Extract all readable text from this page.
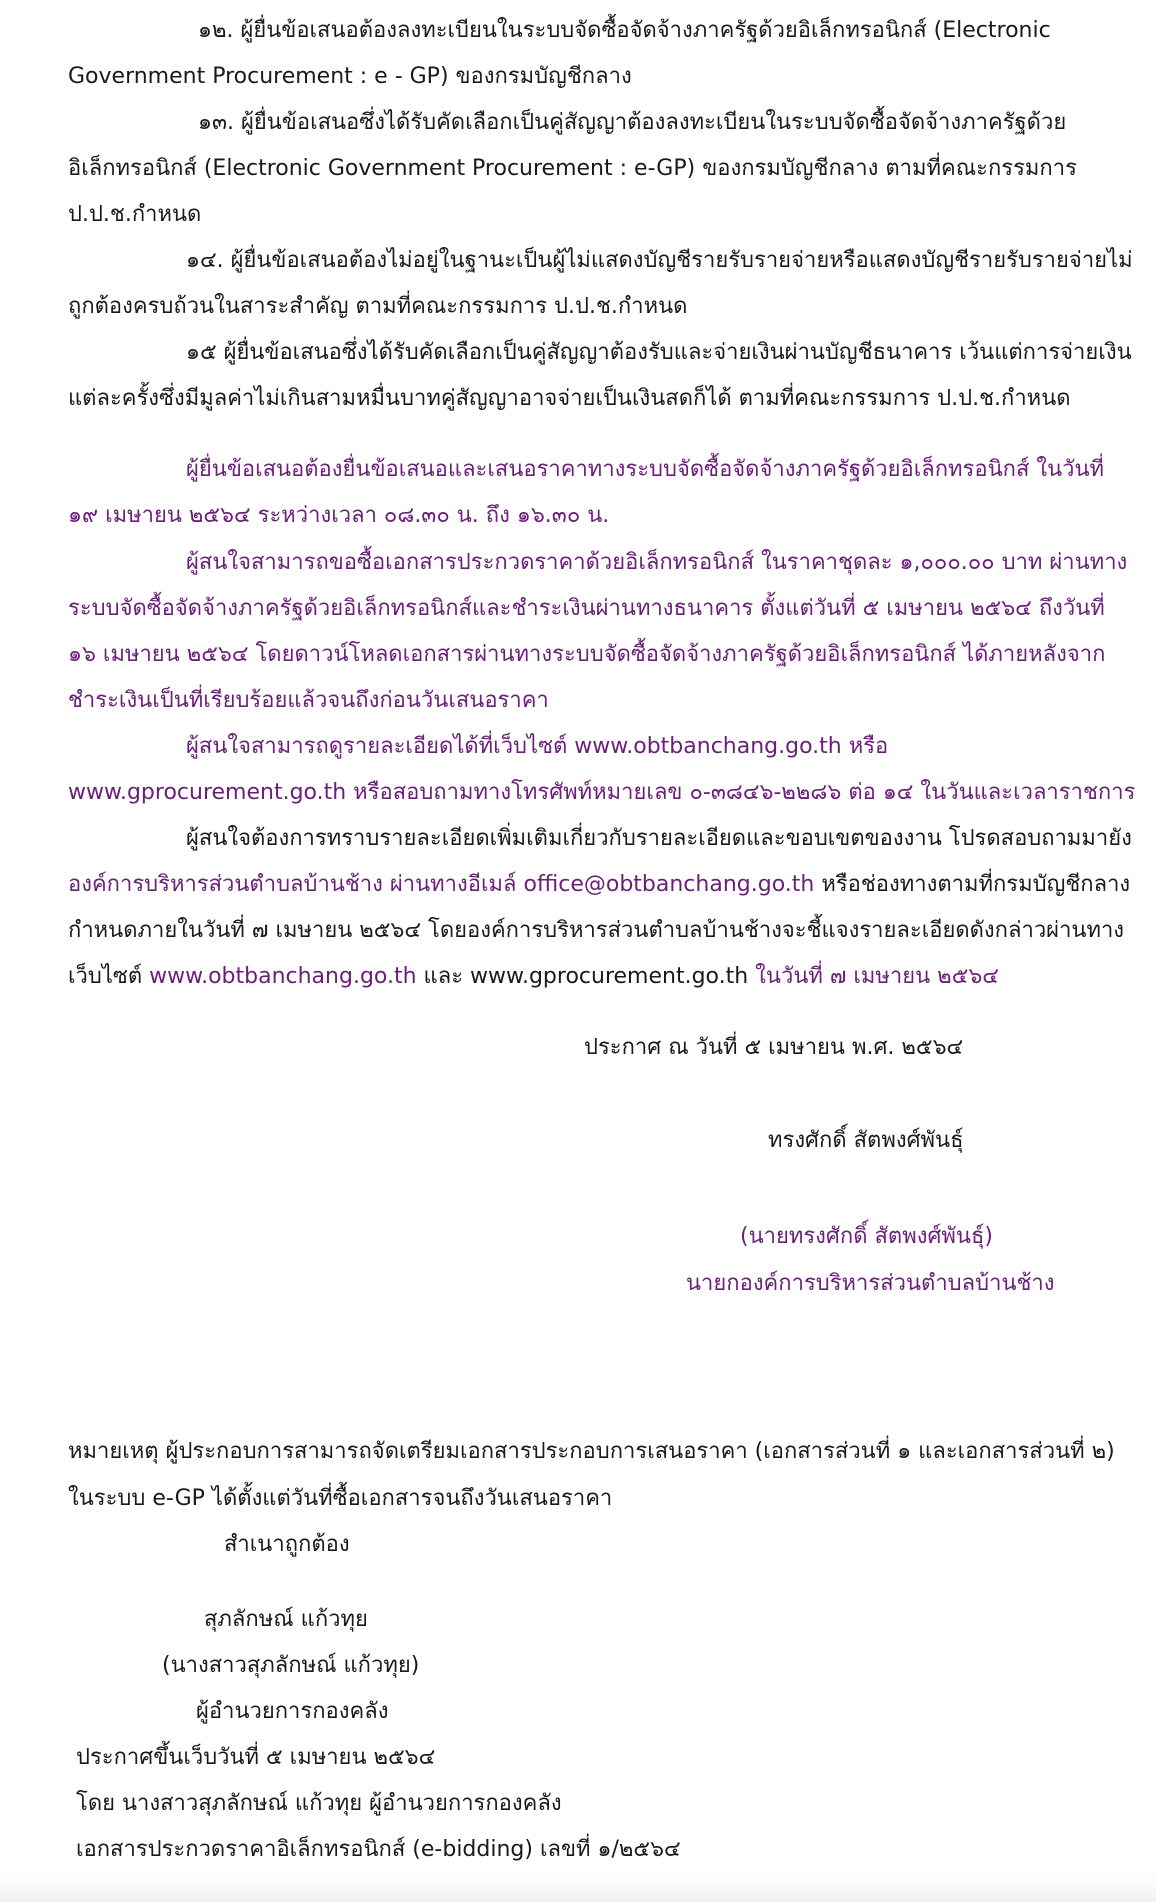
๑๒. ผู้ยื่นข้อเสนอต้องลงทะเบียนในระบบจัดซื้อจัดจ้างภาครัฐด้วยอิเล็กทรอนิกส์ (Electronic
Government Procurement : e - GP) ของกรมบัญชีกลาง
๑๓. ผู้ยื่นข้อเสนอซึ่งได้รับคัดเลือกเป็นคู่สัญญาต้องลงทะเบียนในระบบจัดซื้อจัดจ้างภาครัฐด้วย
อิเล็กทรอนิกส์ (Electronic Government Procurement : e-GP) ของกรมบัญชีกลาง ตามที่คณะกรรมการ
ป.ป.ช.กำหนด
๑๔. ผู้ยื่นข้อเสนอต้องไม่อยู่ในฐานะเป็นผู้ไม่แสดงบัญชีรายรับรายจ่ายหรือแสดงบัญชีรายรับรายจ่ายไม่
ถูกต้องครบถ้วนในสาระสำคัญ ตามที่คณะกรรมการ ป.ป.ช.กำหนด
๑๕ ผู้ยื่นข้อเสนอซึ่งได้รับคัดเลือกเป็นคู่สัญญาต้องรับและจ่ายเงินผ่านบัญชีธนาคาร เว้นแต่การจ่ายเงิน
แต่ละครั้งซึ่งมีมูลค่าไม่เกินสามหมื่นบาทคู่สัญญาอาจจ่ายเป็นเงินสดก็ได้ ตามที่คณะกรรมการ ป.ป.ช.กำหนด
ผู้ยื่นข้อเสนอต้องยื่นข้อเสนอและเสนอราคาทางระบบจัดซื้อจัดจ้างภาครัฐด้วยอิเล็กทรอนิกส์ ในวันที่
๑๙ เมษายน ๒๕๖๔ ระหว่างเวลา ๐๘.๓๐ น. ถึง ๑๖.๓๐ น.
ผู้สนใจสามารถขอซื้อเอกสารประกวดราคาด้วยอิเล็กทรอนิกส์ ในราคาชุดละ ๑,๐๐๐.๐๐ บาท ผ่านทาง
ระบบจัดซื้อจัดจ้างภาครัฐด้วยอิเล็กทรอนิกส์และชำระเงินผ่านทางธนาคาร ตั้งแต่วันที่ ๕ เมษายน ๒๕๖๔ ถึงวันที่
๑๖ เมษายน ๒๕๖๔ โดยดาวน์โหลดเอกสารผ่านทางระบบจัดซื้อจัดจ้างภาครัฐด้วยอิเล็กทรอนิกส์ ได้ภายหลังจาก
ชำระเงินเป็นที่เรียบร้อยแล้วจนถึงก่อนวันเสนอราคา
ผู้สนใจสามารถดูรายละเอียดได้ที่เว็บไซต์ www.obtbanchang.go.th หรือ
www.gprocurement.go.th หรือสอบถามทางโทรศัพท์หมายเลข ๐-๓๘๔๖-๒๒๘๖ ต่อ ๑๔ ในวันและเวลาราชการ
ผู้สนใจต้องการทราบรายละเอียดเพิ่มเติมเกี่ยวกับรายละเอียดและขอบเขตของงาน โปรดสอบถามมายัง
องค์การบริหารส่วนตำบลบ้านช้าง ผ่านทางอีเมล์ office@obtbanchang.go.th หรือช่องทางตามที่กรมบัญชีกลาง
กำหนดภายในวันที่ ๗ เมษายน ๒๕๖๔ โดยองค์การบริหารส่วนตำบลบ้านช้างจะชี้แจงรายละเอียดดังกล่าวผ่านทาง
เว็บไซต์ www.obtbanchang.go.th และ www.gprocurement.go.th ในวันที่ ๗ เมษายน ๒๕๖๔
ประกาศ ณ วันที่ ๕ เมษายน พ.ศ. ๒๕๖๔
ทรงศักดิ์ สัตพงศ์พันธุ์
(นายทรงศักดิ์ สัตพงศ์พันธุ์)
นายกองค์การบริหารส่วนตำบลบ้านช้าง
หมายเหตุ ผู้ประกอบการสามารถจัดเตรียมเอกสารประกอบการเสนอราคา (เอกสารส่วนที่ ๑ และเอกสารส่วนที่ ๒)
ในระบบ e-GP ได้ตั้งแต่วันที่ซื้อเอกสารจนถึงวันเสนอราคา
สำเนาถูกต้อง
สุภลักษณ์ แก้วทุย
(นางสาวสุภลักษณ์ แก้วทุย)
ผู้อำนวยการกองคลัง
ประกาศขึ้นเว็บวันที่ ๕ เมษายน ๒๕๖๔
โดย นางสาวสุภลักษณ์ แก้วทุย ผู้อำนวยการกองคลัง
เอกสารประกวดราคาอิเล็กทรอนิกส์ (e-bidding) เลขที่ ๑/๒๕๖๔
